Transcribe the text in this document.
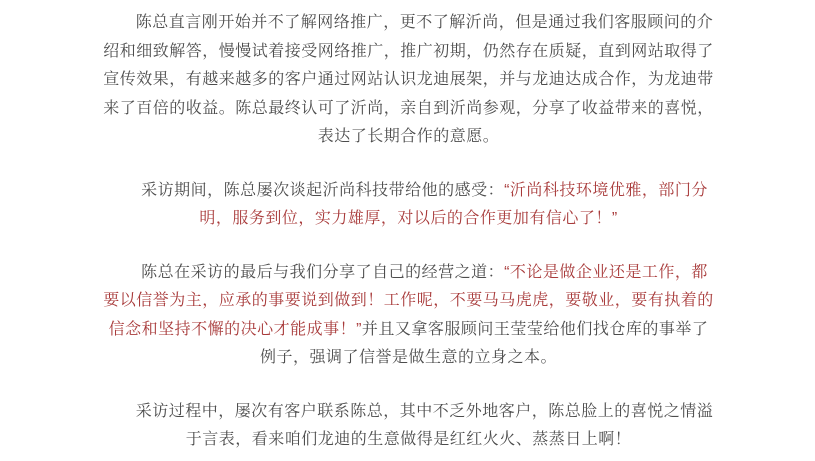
陈总直言刚开始并不了解网络推广，更不了解沂尚，但是通过我们客服顾问的介绍和细致解答，慢慢试着接受网络推广，推广初期，仍然存在质疑，直到网站取得了宣传效果，有越来越多的客户通过网站认识龙迪展架，并与龙迪达成合作，为龙迪带来了百倍的收益。陈总最终认可了沂尚，亲自到沂尚参观，分享了收益带来的喜悦，表达了长期合作的意愿。

采访期间，陈总屡次谈起沂尚科技带给他的感受：“沂尚科技环境优雅，部门分明，服务到位，实力雄厚，对以后的合作更加有信心了！”

陈总在采访的最后与我们分享了自己的经营之道：“不论是做企业还是工作，都要以信誉为主，应承的事要说到做到！工作呢，不要马马虎虎，要敬业，要有执着的信念和坚持不懈的决心才能成事！”并且又拿客服顾问王莹莹给他们找仓库的事举了例子，强调了信誉是做生意的立身之本。

采访过程中，屡次有客户联系陈总，其中不乏外地客户，陈总脸上的喜悦之情溢于言表，看来咱们龙迪的生意做得是红红火火、蒸蒸日上啊！
